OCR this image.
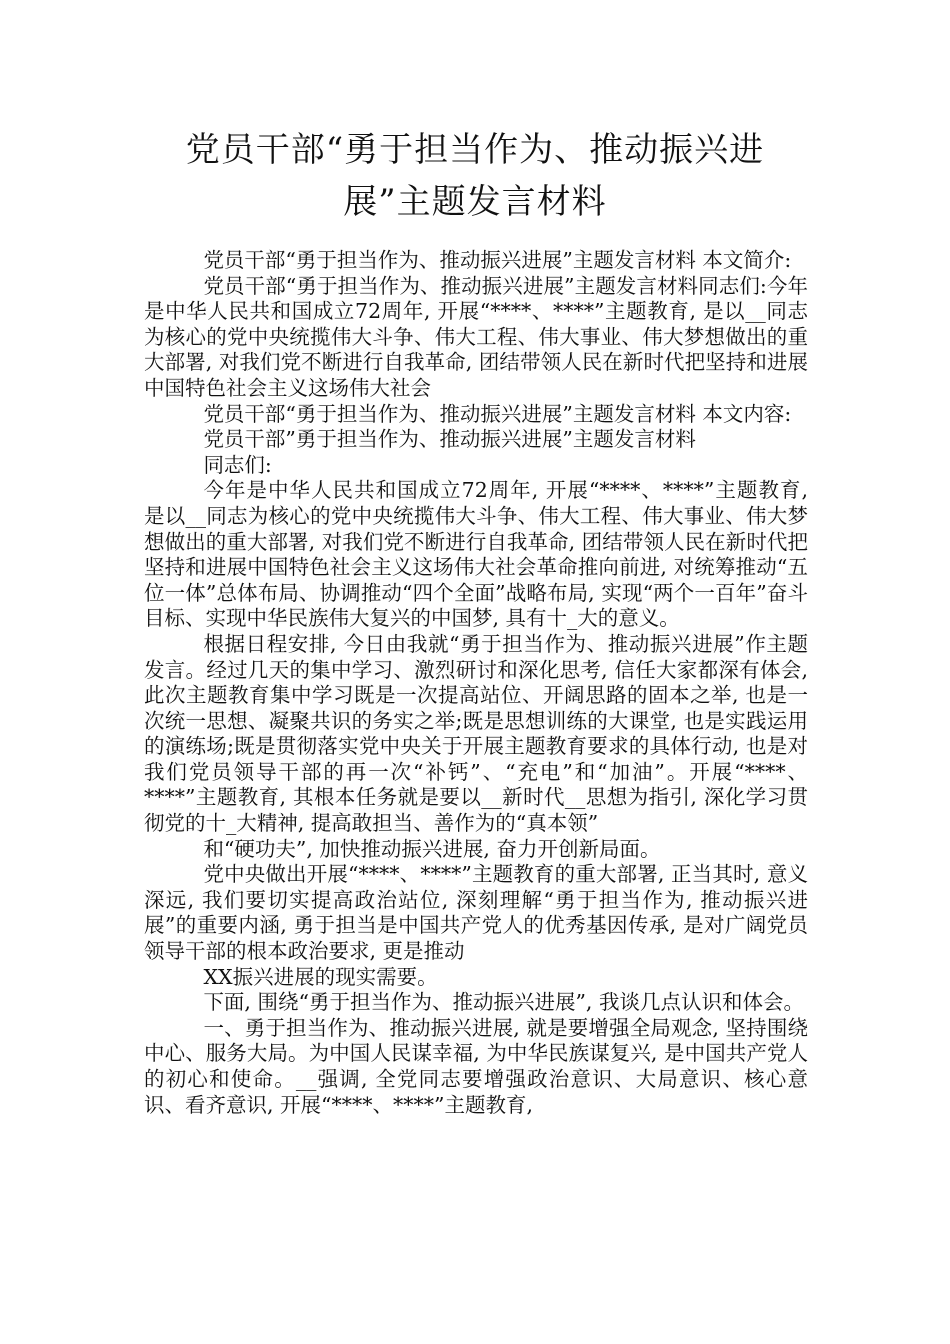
党员干部“勇于担当作为、推动振兴进
展”主题发言材料

党员干部“勇于担当作为、推动振兴进展”主题发言材料 本文简介:

党员干部“勇于担当作为、推动振兴进展”主题发言材料同志们:今年是中华人民共和国成立72周年, 开展“****、****”主题教育, 是以__同志为核心的党中央统揽伟大斗争、伟大工程、伟大事业、伟大梦想做出的重大部署, 对我们党不断进行自我革命, 团结带领人民在新时代把坚持和进展中国特色社会主义这场伟大社会

党员干部“勇于担当作为、推动振兴进展”主题发言材料 本文内容:

党员干部”勇于担当作为、推动振兴进展”主题发言材料

同志们:

今年是中华人民共和国成立72周年, 开展“****、****”主题教育, 是以__同志为核心的党中央统揽伟大斗争、伟大工程、伟大事业、伟大梦想做出的重大部署, 对我们党不断进行自我革命, 团结带领人民在新时代把坚持和进展中国特色社会主义这场伟大社会革命推向前进, 对统筹推动“五位一体”总体布局、协调推动“四个全面”战略布局, 实现“两个一百年”奋斗目标、实现中华民族伟大复兴的中国梦, 具有十_大的意义。

根据日程安排, 今日由我就“勇于担当作为、推动振兴进展”作主题发言。经过几天的集中学习、激烈研讨和深化思考, 信任大家都深有体会, 此次主题教育集中学习既是一次提高站位、开阔思路的固本之举, 也是一次统一思想、凝聚共识的务实之举;既是思想训练的大课堂, 也是实践运用的演练场;既是贯彻落实党中央关于开展主题教育要求的具体行动, 也是对我们党员领导干部的再一次“补钙”、“充电”和“加油”。开展“****、****”主题教育, 其根本任务就是要以__新时代__思想为指引, 深化学习贯彻党的十_大精神, 提高敢担当、善作为的“真本领”

和“硬功夫”, 加快推动振兴进展, 奋力开创新局面。

党中央做出开展“****、****”主题教育的重大部署, 正当其时, 意义深远, 我们要切实提高政治站位, 深刻理解“勇于担当作为, 推动振兴进展”的重要内涵, 勇于担当是中国共产党人的优秀基因传承, 是对广阔党员领导干部的根本政治要求, 更是推动

XX振兴进展的现实需要。

下面, 围绕“勇于担当作为、推动振兴进展”, 我谈几点认识和体会。

一、勇于担当作为、推动振兴进展, 就是要增强全局观念, 坚持围绕中心、服务大局。为中国人民谋幸福, 为中华民族谋复兴, 是中国共产党人的初心和使命。__强调, 全党同志要增强政治意识、大局意识、核心意识、看齐意识, 开展“****、****”主题教育,
